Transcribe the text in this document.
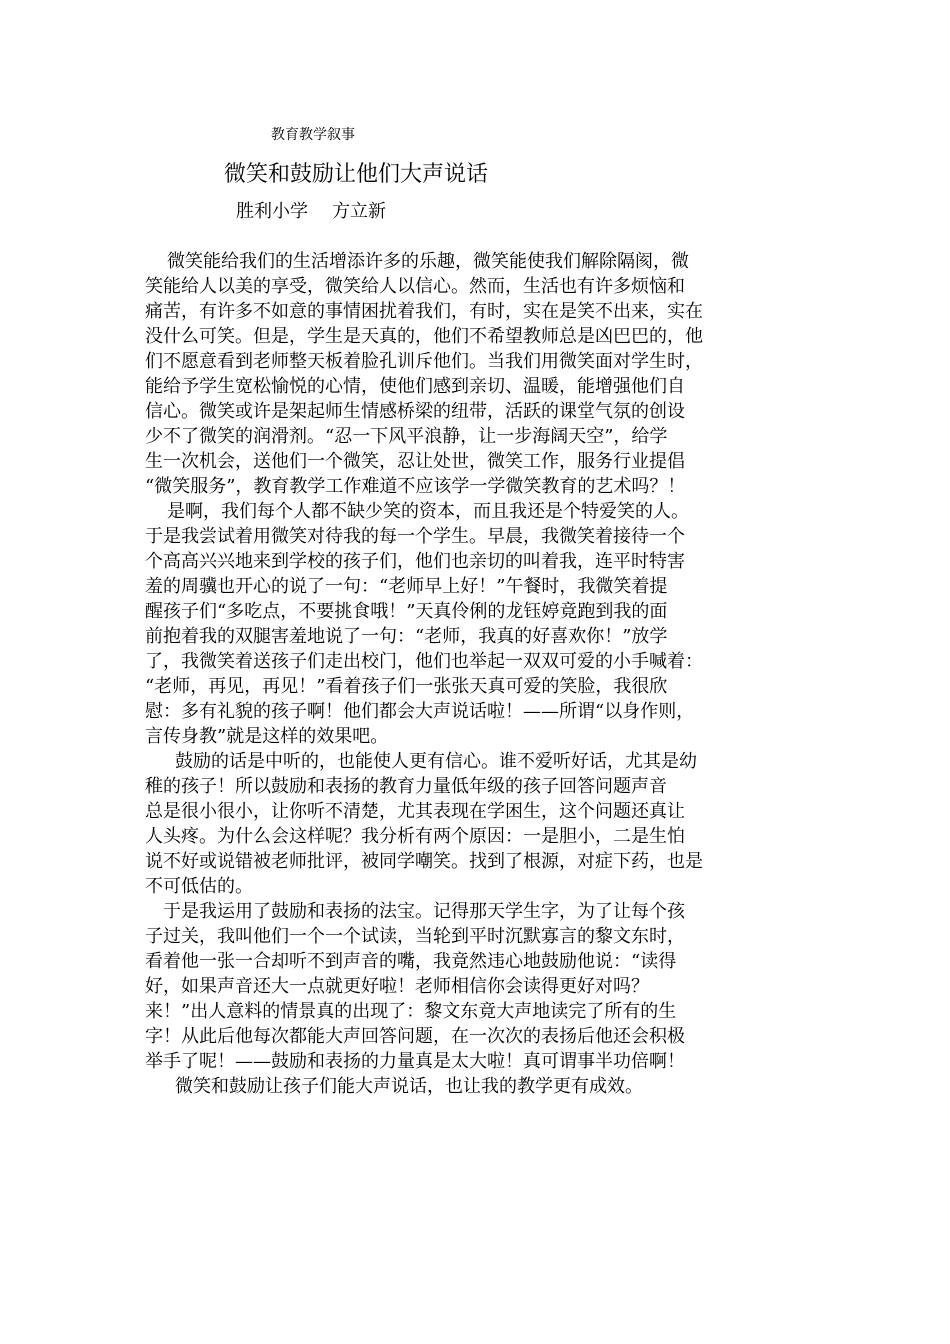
教育教学叙事
微笑和鼓励让他们大声说话
胜利小学 方立新
微笑能给我们的生活增添许多的乐趣，微笑能使我们解除隔阂，微
笑能给人以美的享受，微笑给人以信心。然而，生活也有许多烦恼和
痛苦，有许多不如意的事情困扰着我们，有时，实在是笑不出来，实在
没什么可笑。但是，学生是天真的，他们不希望教师总是凶巴巴的，他
们不愿意看到老师整天板着脸孔训斥他们。当我们用微笑面对学生时，
能给予学生宽松愉悦的心情，使他们感到亲切、温暖，能增强他们自
信心。微笑或许是架起师生情感桥梁的纽带，活跃的课堂气氛的创设
少不了微笑的润滑剂。“忍一下风平浪静，让一步海阔天空”，给学
生一次机会，送他们一个微笑，忍让处世，微笑工作，服务行业提倡
“微笑服务”，教育教学工作难道不应该学一学微笑教育的艺术吗？！
是啊，我们每个人都不缺少笑的资本，而且我还是个特爱笑的人。
于是我尝试着用微笑对待我的每一个学生。早晨，我微笑着接待一个
个高高兴兴地来到学校的孩子们，他们也亲切的叫着我，连平时特害
羞的周骥也开心的说了一句：“老师早上好！”午餐时，我微笑着提
醒孩子们“多吃点，不要挑食哦！”天真伶俐的龙钰婷竟跑到我的面
前抱着我的双腿害羞地说了一句：“老师，我真的好喜欢你！”放学
了，我微笑着送孩子们走出校门，他们也举起一双双可爱的小手喊着：
“老师，再见，再见！”看着孩子们一张张天真可爱的笑脸，我很欣
慰：多有礼貌的孩子啊！他们都会大声说话啦！——所谓“以身作则，
言传身教”就是这样的效果吧。
鼓励的话是中听的，也能使人更有信心。谁不爱听好话，尤其是幼
稚的孩子！所以鼓励和表扬的教育力量低年级的孩子回答问题声音
总是很小很小，让你听不清楚，尤其表现在学困生，这个问题还真让
人头疼。为什么会这样呢？我分析有两个原因：一是胆小，二是生怕
说不好或说错被老师批评，被同学嘲笑。找到了根源，对症下药，也是
不可低估的。
于是我运用了鼓励和表扬的法宝。记得那天学生字，为了让每个孩
子过关，我叫他们一个一个试读，当轮到平时沉默寡言的黎文东时，
看着他一张一合却听不到声音的嘴，我竟然违心地鼓励他说：“读得
好，如果声音还大一点就更好啦！老师相信你会读得更好对吗？
来！”出人意料的情景真的出现了：黎文东竟大声地读完了所有的生
字！从此后他每次都能大声回答问题，在一次次的表扬后他还会积极
举手了呢！——鼓励和表扬的力量真是太大啦！真可谓事半功倍啊！
微笑和鼓励让孩子们能大声说话，也让我的教学更有成效。
